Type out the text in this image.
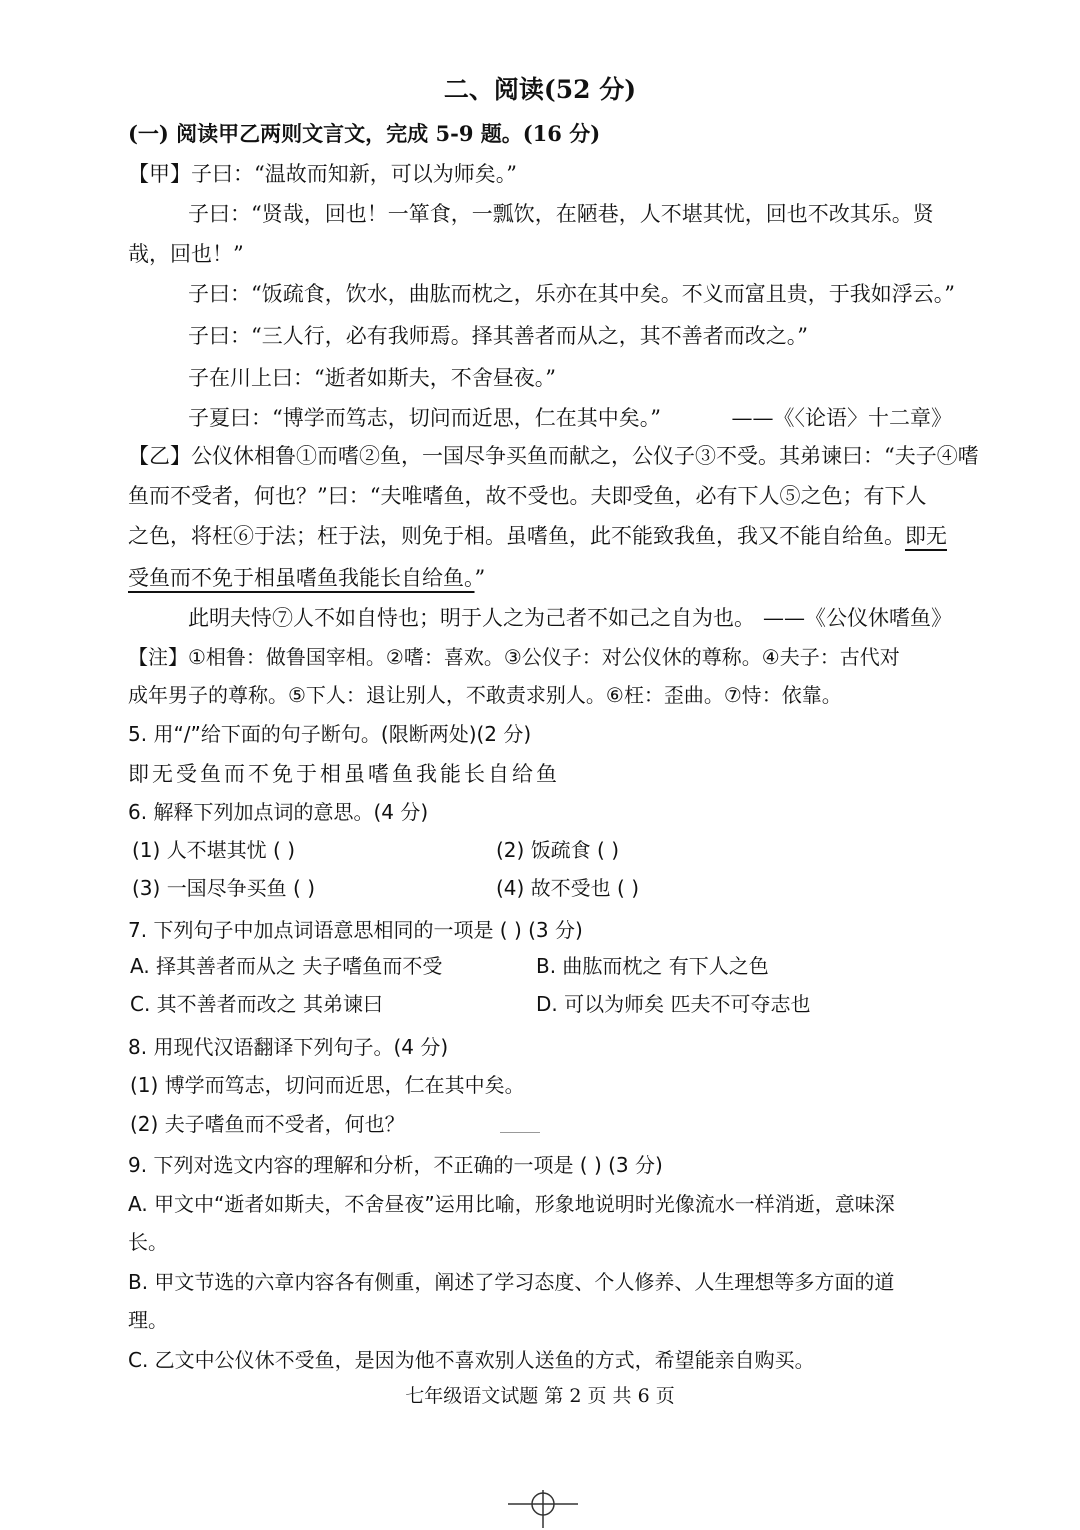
二、阅读(52 分)
(一) 阅读甲乙两则文言文，完成 5-9 题。(16 分)
【甲】子曰：“温故而知新，可以为师矣。”
子曰：“贤哉，回也！一箪食，一瓢饮，在陋巷，人不堪其忧，回也不改其乐。贤
哉，回也！”
子曰：“饭疏食，饮水，曲肱而枕之，乐亦在其中矣。不义而富且贵，于我如浮云。”
子曰：“三人行，必有我师焉。择其善者而从之，其不善者而改之。”
子在川上曰：“逝者如斯夫，不舍昼夜。”
子夏曰：“博学而笃志，切问而近思，仁在其中矣。”	——《〈论语〉十二章》
【乙】公仪休相鲁①而嗜②鱼，一国尽争买鱼而献之，公仪子③不受。其弟谏曰：“夫子④嗜
鱼而不受者，何也？”曰：“夫唯嗜鱼，故不受也。夫即受鱼，必有下人⑤之色；有下人
之色，将枉⑥于法；枉于法，则免于相。虽嗜鱼，此不能致我鱼，我又不能自给鱼。即无
受鱼而不免于相虽嗜鱼我能长自给鱼。”
此明夫恃⑦人不如自恃也；明于人之为己者不如己之自为也。 ——《公仪休嗜鱼》
【注】①相鲁：做鲁国宰相。②嗜：喜欢。③公仪子：对公仪休的尊称。④夫子：古代对
成年男子的尊称。⑤下人：退让别人，不敢责求别人。⑥枉：歪曲。⑦恃：依靠。
5. 用“/”给下面的句子断句。(限断两处)(2 分)
即无受鱼而不免于相虽嗜鱼我能长自给鱼
6. 解释下列加点词的意思。(4 分)
(1) 人不堪其忧 ( )	(2) 饭疏食 ( )
(3) 一国尽争买鱼 ( )	(4) 故不受也 ( )
7. 下列句子中加点词语意思相同的一项是 ( ) (3 分)
A. 择其善者而从之 夫子嗜鱼而不受	B. 曲肱而枕之 有下人之色
C. 其不善者而改之 其弟谏曰	D. 可以为师矣 匹夫不可夺志也
8. 用现代汉语翻译下列句子。(4 分)
(1) 博学而笃志，切问而近思，仁在其中矣。
(2) 夫子嗜鱼而不受者，何也？
9. 下列对选文内容的理解和分析，不正确的一项是 ( ) (3 分)
A. 甲文中“逝者如斯夫，不舍昼夜”运用比喻，形象地说明时光像流水一样消逝，意味深
长。
B. 甲文节选的六章内容各有侧重，阐述了学习态度、个人修养、人生理想等多方面的道
理。
C. 乙文中公仪休不受鱼，是因为他不喜欢别人送鱼的方式，希望能亲自购买。
七年级语文试题 第 2 页 共 6 页
